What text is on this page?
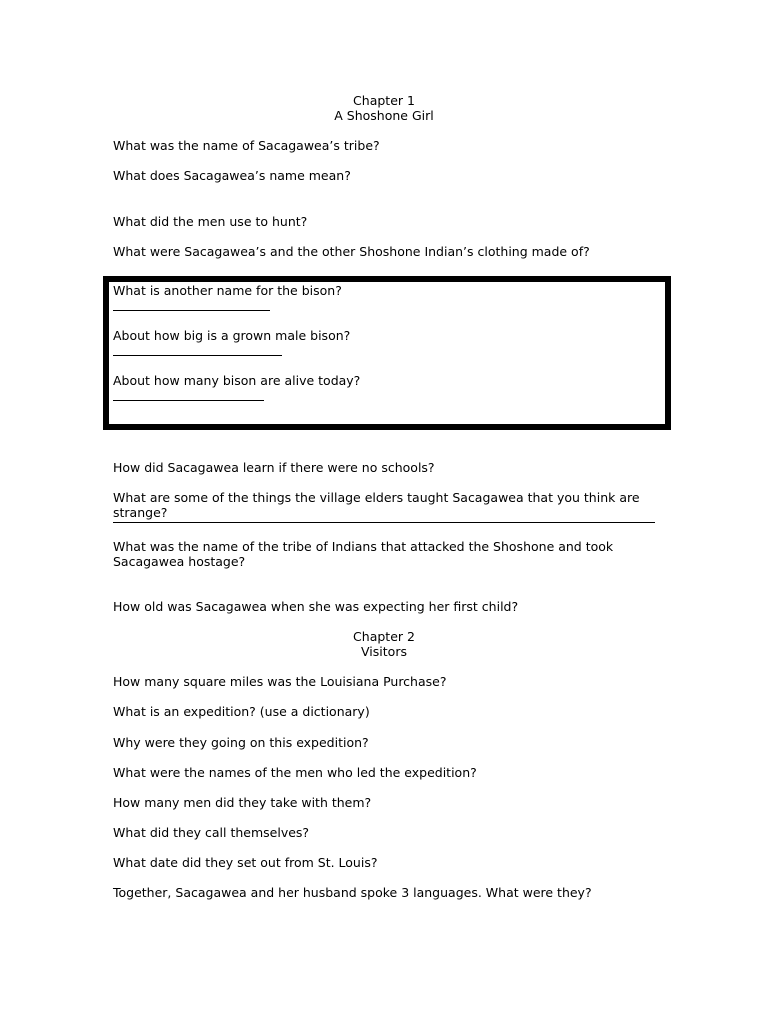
Chapter 1

A Shoshone Girl

What was the name of Sacagawea’s tribe?

What does Sacagawea’s name mean?

What did the men use to hunt?

What were Sacagawea’s and the other Shoshone Indian’s clothing made of?

What is another name for the bison?

About how big is a grown male bison?

About how many bison are alive today?

How did Sacagawea learn if there were no schools?

What are some of the things the village elders taught Sacagawea that you think are strange?

What was the name of the tribe of Indians that attacked the Shoshone and took Sacagawea hostage?

How old was Sacagawea when she was expecting her first child?

Chapter 2

Visitors

How many square miles was the Louisiana Purchase?

What is an expedition? (use a dictionary)

Why were they going on this expedition?

What were the names of the men who led the expedition?

How many men did they take with them?

What did they call themselves?

What date did they set out from St. Louis?

Together, Sacagawea and her husband spoke 3 languages. What were they?
